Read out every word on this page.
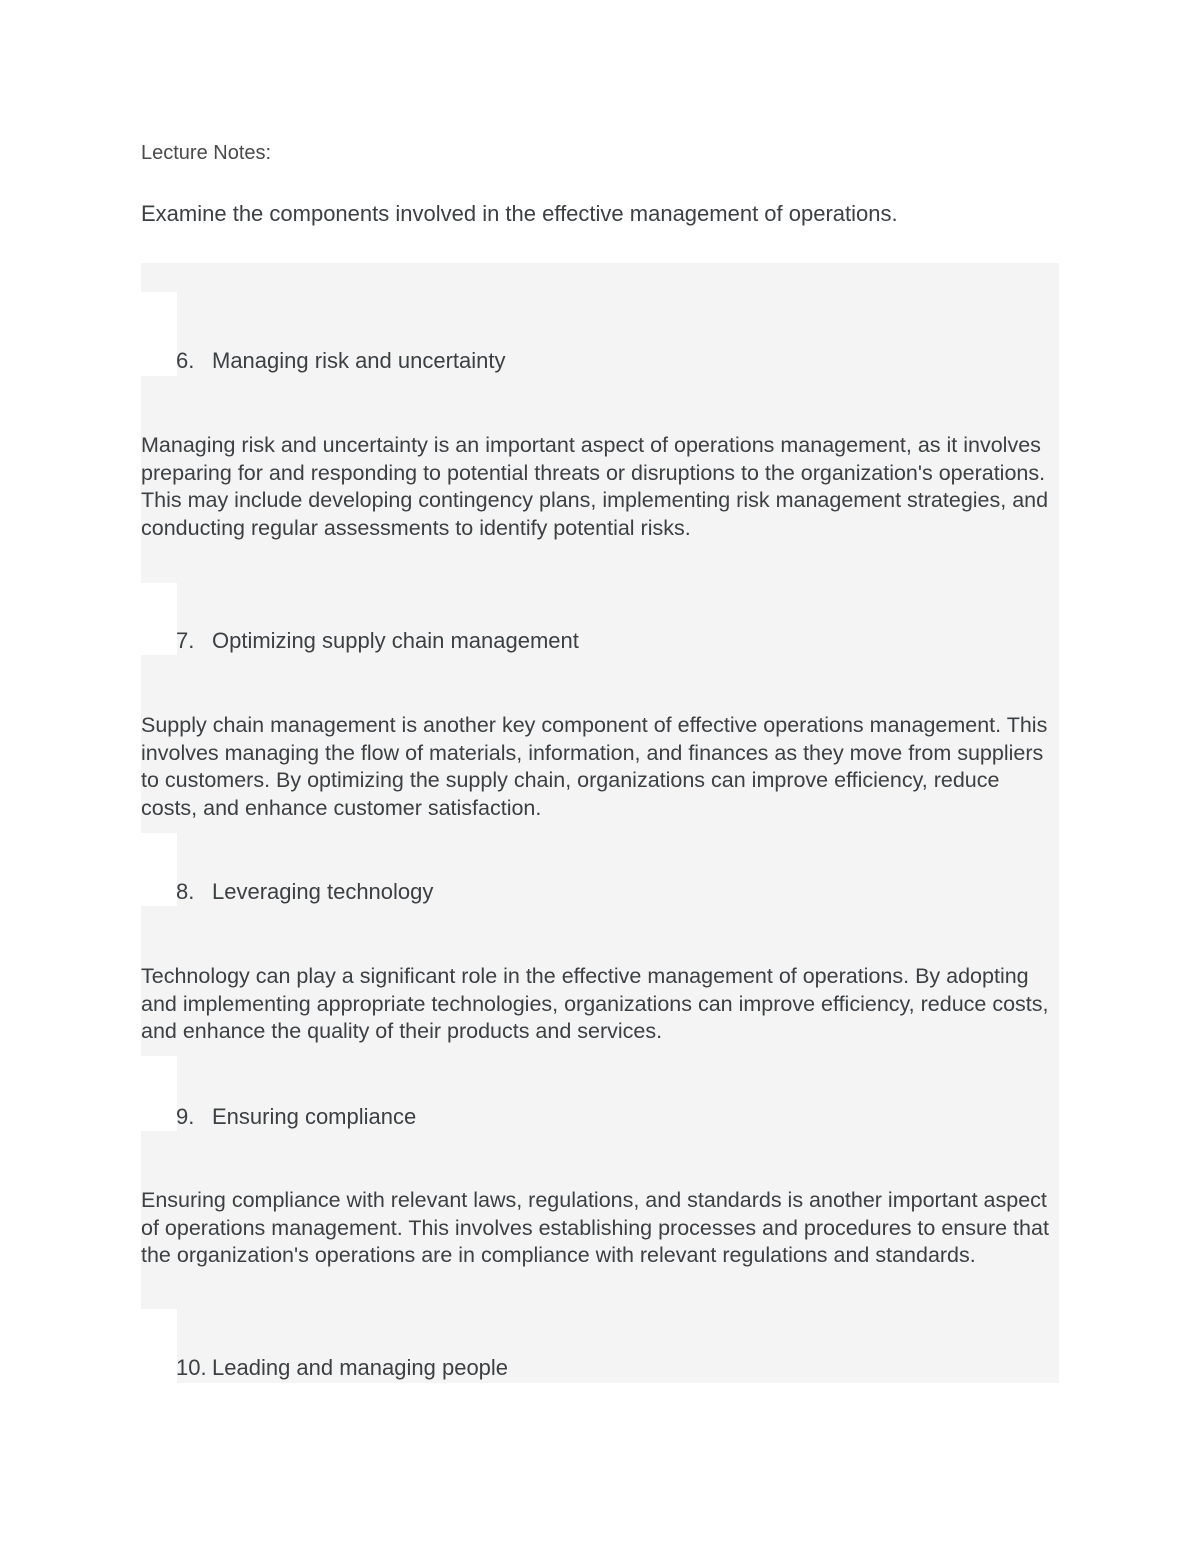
Lecture Notes:
Examine the components involved in the effective management of operations.
6. Managing risk and uncertainty
Managing risk and uncertainty is an important aspect of operations management, as it involves preparing for and responding to potential threats or disruptions to the organization's operations. This may include developing contingency plans, implementing risk management strategies, and conducting regular assessments to identify potential risks.
7. Optimizing supply chain management
Supply chain management is another key component of effective operations management. This involves managing the flow of materials, information, and finances as they move from suppliers to customers. By optimizing the supply chain, organizations can improve efficiency, reduce costs, and enhance customer satisfaction.
8. Leveraging technology
Technology can play a significant role in the effective management of operations. By adopting and implementing appropriate technologies, organizations can improve efficiency, reduce costs, and enhance the quality of their products and services.
9. Ensuring compliance
Ensuring compliance with relevant laws, regulations, and standards is another important aspect of operations management. This involves establishing processes and procedures to ensure that the organization's operations are in compliance with relevant regulations and standards.
10. Leading and managing people
